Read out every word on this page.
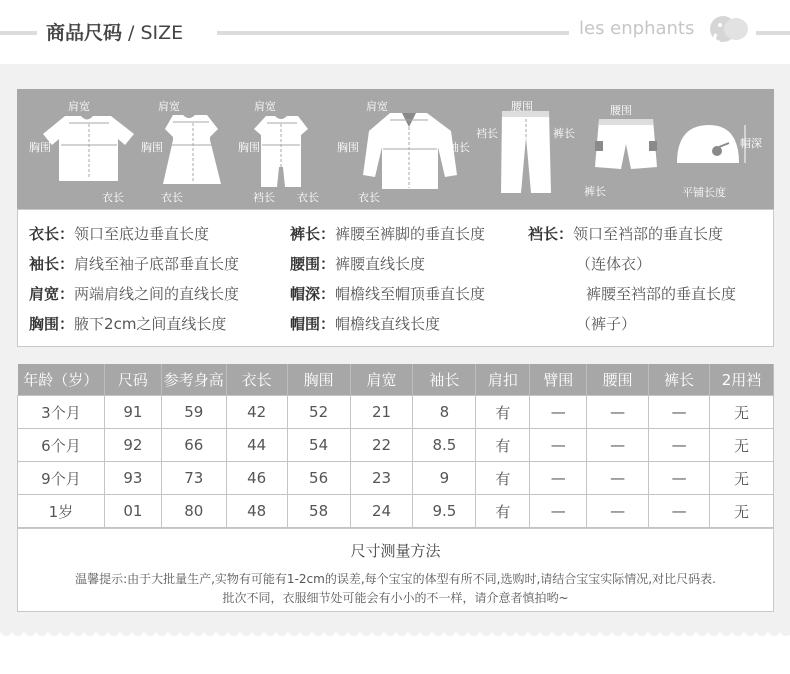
商品尺码 / SIZE	les enphants
肩宽
胸围
衣长
肩宽
胸围
衣长
肩宽
胸围
裆长 衣长
肩宽
胸围	袖长
衣长
腰围
裆长	裤长
腰围
裤长
帽深
平铺长度
衣长：领口至底边垂直长度
袖长：肩线至袖子底部垂直长度
肩宽：两端肩线之间的直线长度
胸围：腋下2cm之间直线长度
裤长：裤腰至裤脚的垂直长度
腰围：裤腰直线长度
帽深：帽檐线至帽顶垂直长度
帽围：帽檐线直线长度
裆长：领口至裆部的垂直长度
（连体衣）
裤腰至裆部的垂直长度
（裤子）
年龄（岁）	尺码	参考身高	衣长	胸围	肩宽	袖长	肩扣	臂围	腰围	裤长	2用裆
3个月	91	59	42	52	21	8	有	—	—	—	无
6个月	92	66	44	54	22	8.5	有	—	—	—	无
9个月	93	73	46	56	23	9	有	—	—	—	无
1岁	01	80	48	58	24	9.5	有	—	—	—	无
尺寸测量方法
温馨提示:由于大批量生产,实物有可能有1-2cm的误差,每个宝宝的体型有所不同,选购时,请结合宝宝实际情况,对比尺码表.
批次不同，衣服细节处可能会有小小的不一样，请介意者慎拍哟~
